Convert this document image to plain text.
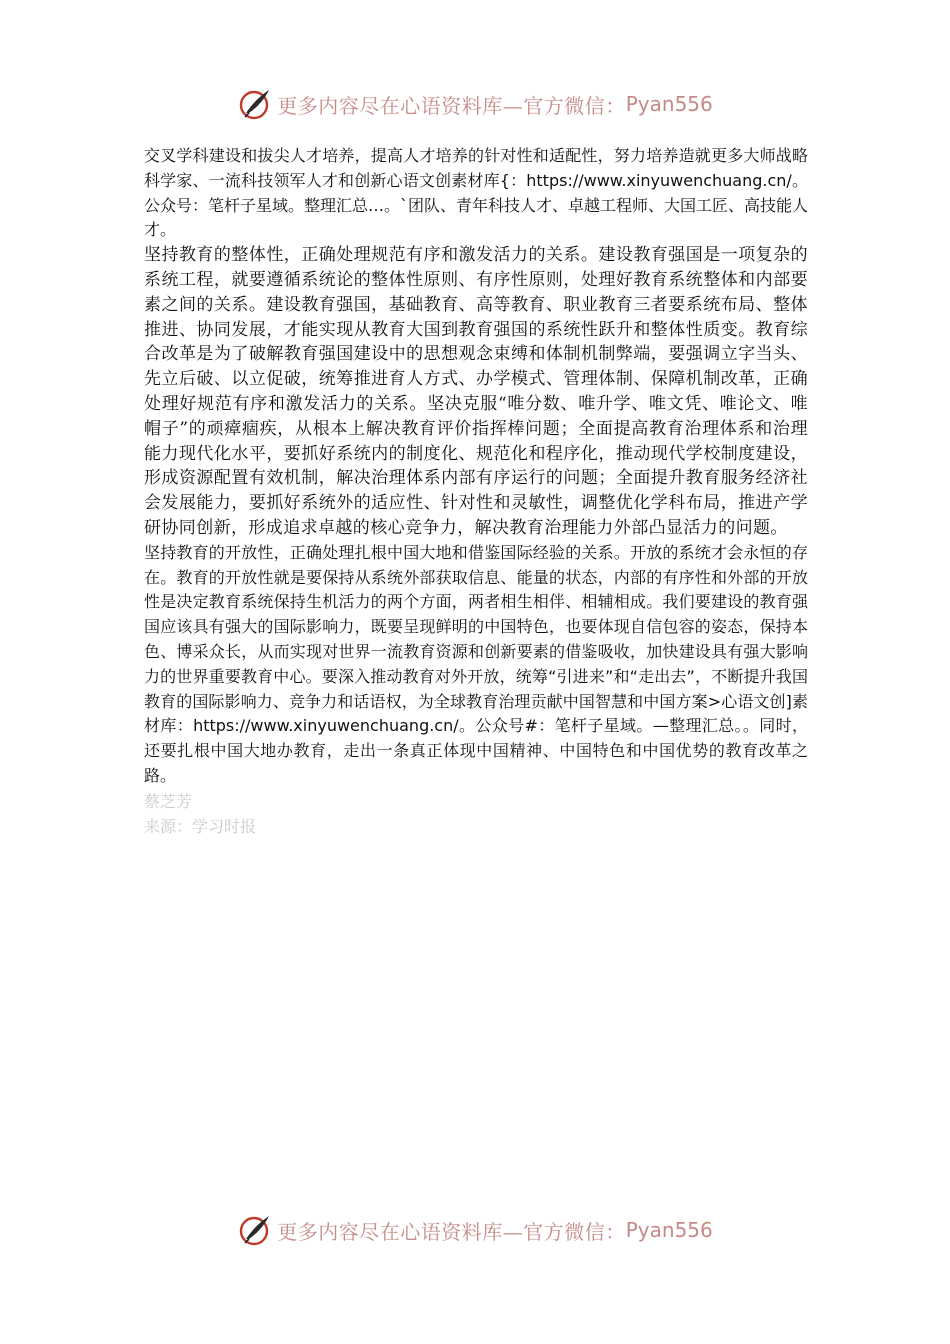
更多内容尽在心语资料库—官方微信： Pyan556

交叉学科建设和拔尖人才培养，提高人才培养的针对性和适配性，努力培养造就更多大师战略科学家、一流科技领军人才和创新心语文创素材库{：https://www.xinyuwenchuang.cn/。公众号：笔杆子星域。整理汇总…。`团队、青年科技人才、卓越工程师、大国工匠、高技能人才。

坚持教育的整体性，正确处理规范有序和激发活力的关系。建设教育强国是一项复杂的系统工程，就要遵循系统论的整体性原则、有序性原则，处理好教育系统整体和内部要素之间的关系。建设教育强国，基础教育、高等教育、职业教育三者要系统布局、整体推进、协同发展，才能实现从教育大国到教育强国的系统性跃升和整体性质变。教育综合改革是为了破解教育强国建设中的思想观念束缚和体制机制弊端，要强调立字当头、先立后破、以立促破，统筹推进育人方式、办学模式、管理体制、保障机制改革，正确处理好规范有序和激发活力的关系。坚决克服“唯分数、唯升学、唯文凭、唯论文、唯帽子”的顽瘴痼疾，从根本上解决教育评价指挥棒问题；全面提高教育治理体系和治理能力现代化水平，要抓好系统内的制度化、规范化和程序化，推动现代学校制度建设，形成资源配置有效机制，解决治理体系内部有序运行的问题；全面提升教育服务经济社会发展能力，要抓好系统外的适应性、针对性和灵敏性，调整优化学科布局，推进产学研协同创新，形成追求卓越的核心竞争力，解决教育治理能力外部凸显活力的问题。

坚持教育的开放性，正确处理扎根中国大地和借鉴国际经验的关系。开放的系统才会永恒的存在。教育的开放性就是要保持从系统外部获取信息、能量的状态，内部的有序性和外部的开放性是决定教育系统保持生机活力的两个方面，两者相生相伴、相辅相成。我们要建设的教育强国应该具有强大的国际影响力，既要呈现鲜明的中国特色，也要体现自信包容的姿态，保持本色、博采众长，从而实现对世界一流教育资源和创新要素的借鉴吸收，加快建设具有强大影响力的世界重要教育中心。要深入推动教育对外开放，统筹“引进来”和“走出去”，不断提升我国教育的国际影响力、竞争力和话语权，为全球教育治理贡献中国智慧和中国方案>心语文创]素材库：https://www.xinyuwenchuang.cn/。公众号#：笔杆子星域。—整理汇总。。同时，还要扎根中国大地办教育，走出一条真正体现中国精神、中国特色和中国优势的教育改革之路。

蔡芝芳

来源：学习时报

更多内容尽在心语资料库—官方微信： Pyan556
